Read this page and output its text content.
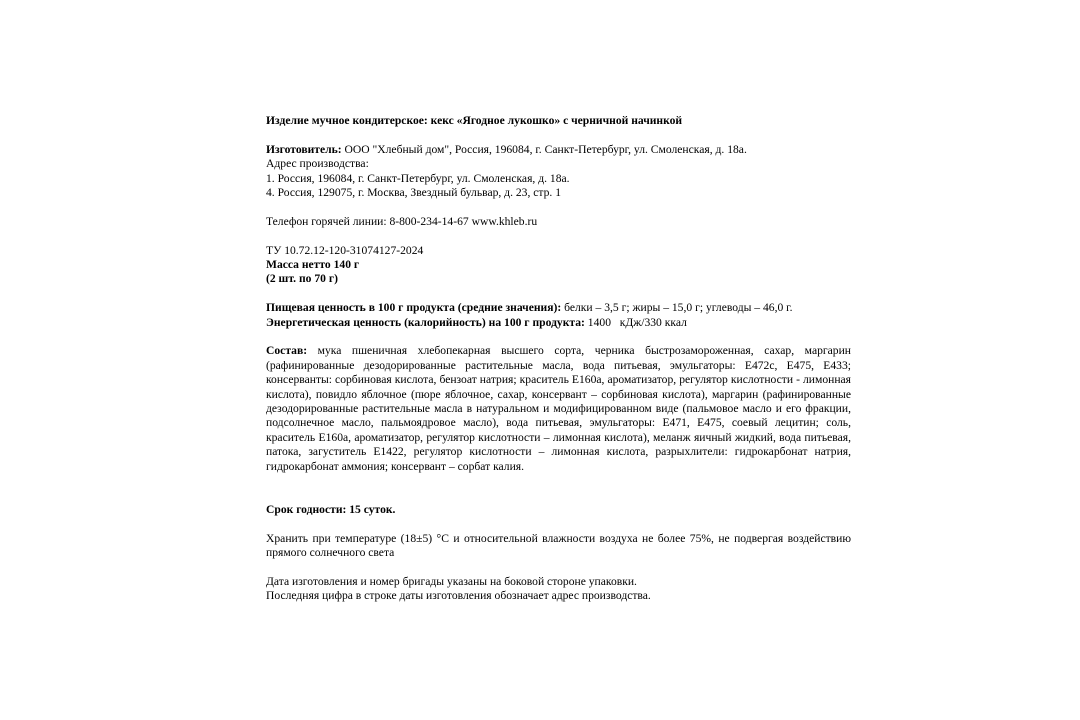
Изделие мучное кондитерское: кекс «Ягодное лукошко» с черничной начинкой
Изготовитель: ООО "Хлебный дом", Россия, 196084, г. Санкт-Петербург, ул. Смоленская, д. 18а.
Адрес производства:
1. Россия, 196084, г. Санкт-Петербург, ул. Смоленская, д. 18а.
4. Россия, 129075, г. Москва, Звездный бульвар, д. 23, стр. 1
Телефон горячей линии: 8-800-234-14-67 www.khleb.ru
ТУ 10.72.12-120-31074127-2024
Масса нетто 140 г
(2 шт. по 70 г)
Пищевая ценность в 100 г продукта (средние значения): белки – 3,5 г; жиры – 15,0 г; углеводы – 46,0 г.
Энергетическая ценность (калорийность) на 100 г продукта: 1400   кДж/330 ккал
Состав: мука пшеничная хлебопекарная высшего сорта, черника быстрозамороженная, сахар, маргарин (рафинированные дезодорированные растительные масла, вода питьевая, эмульгаторы: Е472с, Е475, Е433; консерванты: сорбиновая кислота, бензоат натрия; краситель Е160а, ароматизатор, регулятор кислотности - лимонная кислота), повидло яблочное (пюре яблочное, сахар, консервант – сорбиновая кислота), маргарин (рафинированные дезодорированные растительные масла в натуральном и модифицированном виде (пальмовое масло и его фракции, подсолнечное масло, пальмоядровое масло), вода питьевая, эмульгаторы: Е471, Е475, соевый лецитин; соль, краситель Е160а, ароматизатор, регулятор кислотности – лимонная кислота), меланж яичный жидкий, вода питьевая, патока, загуститель Е1422, регулятор кислотности – лимонная кислота, разрыхлители: гидрокарбонат натрия, гидрокарбонат аммония; консервант – сорбат калия.
Срок годности: 15 суток.
Хранить при температуре (18±5) °С и относительной влажности воздуха не более 75%, не подвергая воздействию прямого солнечного света
Дата изготовления и номер бригады указаны на боковой стороне упаковки.
Последняя цифра в строке даты изготовления обозначает адрес производства.
